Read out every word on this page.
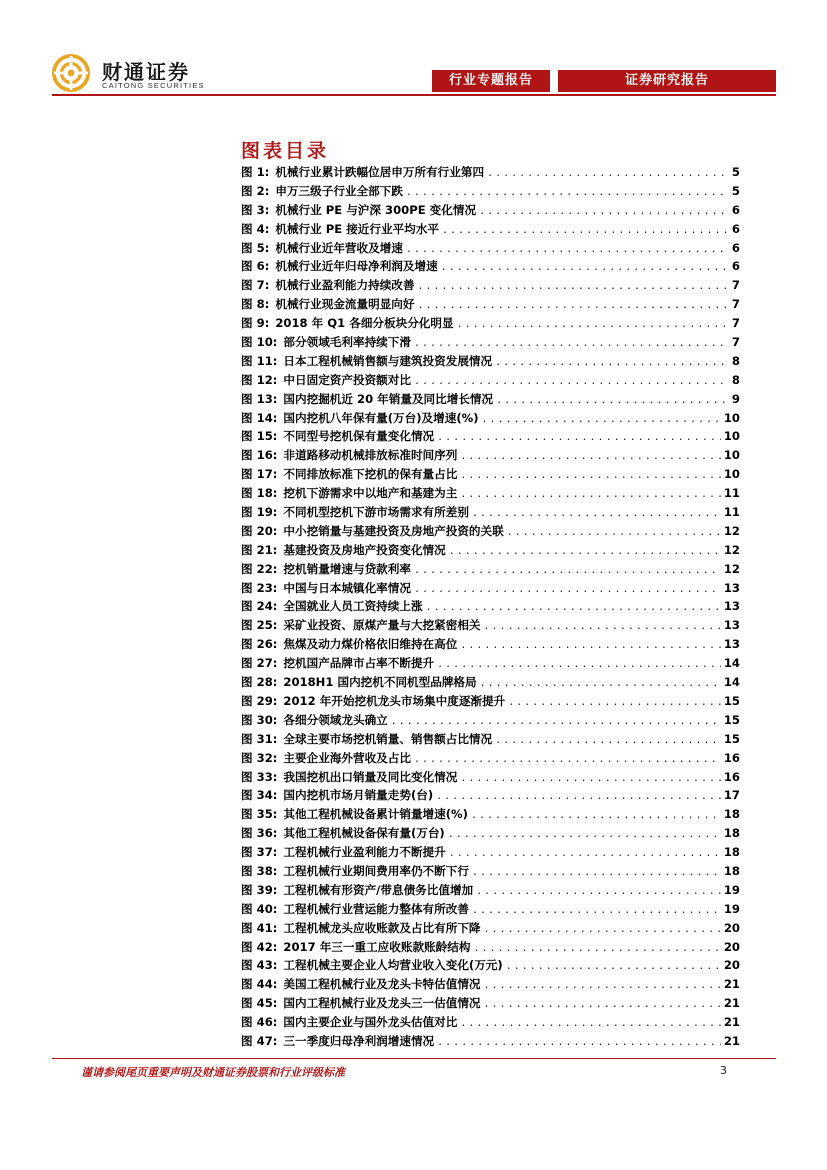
财通证券
CAITONG SECURITIES	行业专题报告	证券研究报告
图表目录
图 1: 机械行业累计跌幅位居申万所有行业第四 .....	5
图 2: 申万三级子行业全部下跌 .....	5
图 3: 机械行业 PE 与沪深 300PE 变化情况 .....	6
图 4: 机械行业 PE 接近行业平均水平 .....	6
图 5: 机械行业近年营收及增速 .....	6
图 6: 机械行业近年归母净利润及增速 .....	6
图 7: 机械行业盈利能力持续改善 .....	7
图 8: 机械行业现金流量明显向好 .....	7
图 9: 2018 年 Q1 各细分板块分化明显 .....	7
图 10: 部分领域毛利率持续下滑 .....	7
图 11: 日本工程机械销售额与建筑投资发展情况 .....	8
图 12: 中日固定资产投资额对比 .....	8
图 13: 国内挖掘机近 20 年销量及同比增长情况 .....	9
图 14: 国内挖机八年保有量(万台)及增速(%) .....	10
图 15: 不同型号挖机保有量变化情况 .....	10
图 16: 非道路移动机械排放标准时间序列 .....	10
图 17: 不同排放标准下挖机的保有量占比 .....	10
图 18: 挖机下游需求中以地产和基建为主 .....	11
图 19: 不同机型挖机下游市场需求有所差别 .....	11
图 20: 中小挖销量与基建投资及房地产投资的关联 .....	12
图 21: 基建投资及房地产投资变化情况 .....	12
图 22: 挖机销量增速与贷款利率 .....	12
图 23: 中国与日本城镇化率情况 .....	13
图 24: 全国就业人员工资持续上涨 .....	13
图 25: 采矿业投资、原煤产量与大挖紧密相关 .....	13
图 26: 焦煤及动力煤价格依旧维持在高位 .....	13
图 27: 挖机国产品牌市占率不断提升 .....	14
图 28: 2018H1 国内挖机不同机型品牌格局 .....	14
图 29: 2012 年开始挖机龙头市场集中度逐渐提升 .....	15
图 30: 各细分领域龙头确立 .....	15
图 31: 全球主要市场挖机销量、销售额占比情况 .....	15
图 32: 主要企业海外营收及占比 .....	16
图 33: 我国挖机出口销量及同比变化情况 .....	16
图 34: 国内挖机市场月销量走势(台) .....	17
图 35: 其他工程机械设备累计销量增速(%) .....	18
图 36: 其他工程机械设备保有量(万台) .....	18
图 37: 工程机械行业盈利能力不断提升 .....	18
图 38: 工程机械行业期间费用率仍不断下行 .....	18
图 39: 工程机械有形资产/带息债务比值增加 .....	19
图 40: 工程机械行业营运能力整体有所改善 .....	19
图 41: 工程机械龙头应收账款及占比有所下降 .....	20
图 42: 2017 年三一重工应收账款账龄结构 .....	20
图 43: 工程机械主要企业人均营业收入变化(万元) .....	20
图 44: 美国工程机械行业及龙头卡特估值情况 .....	21
图 45: 国内工程机械行业及龙头三一估值情况 .....	21
图 46: 国内主要企业与国外龙头估值对比 .....	21
图 47: 三一季度归母净利润增速情况 .....	21
谨请参阅尾页重要声明及财通证券股票和行业评级标准	3
